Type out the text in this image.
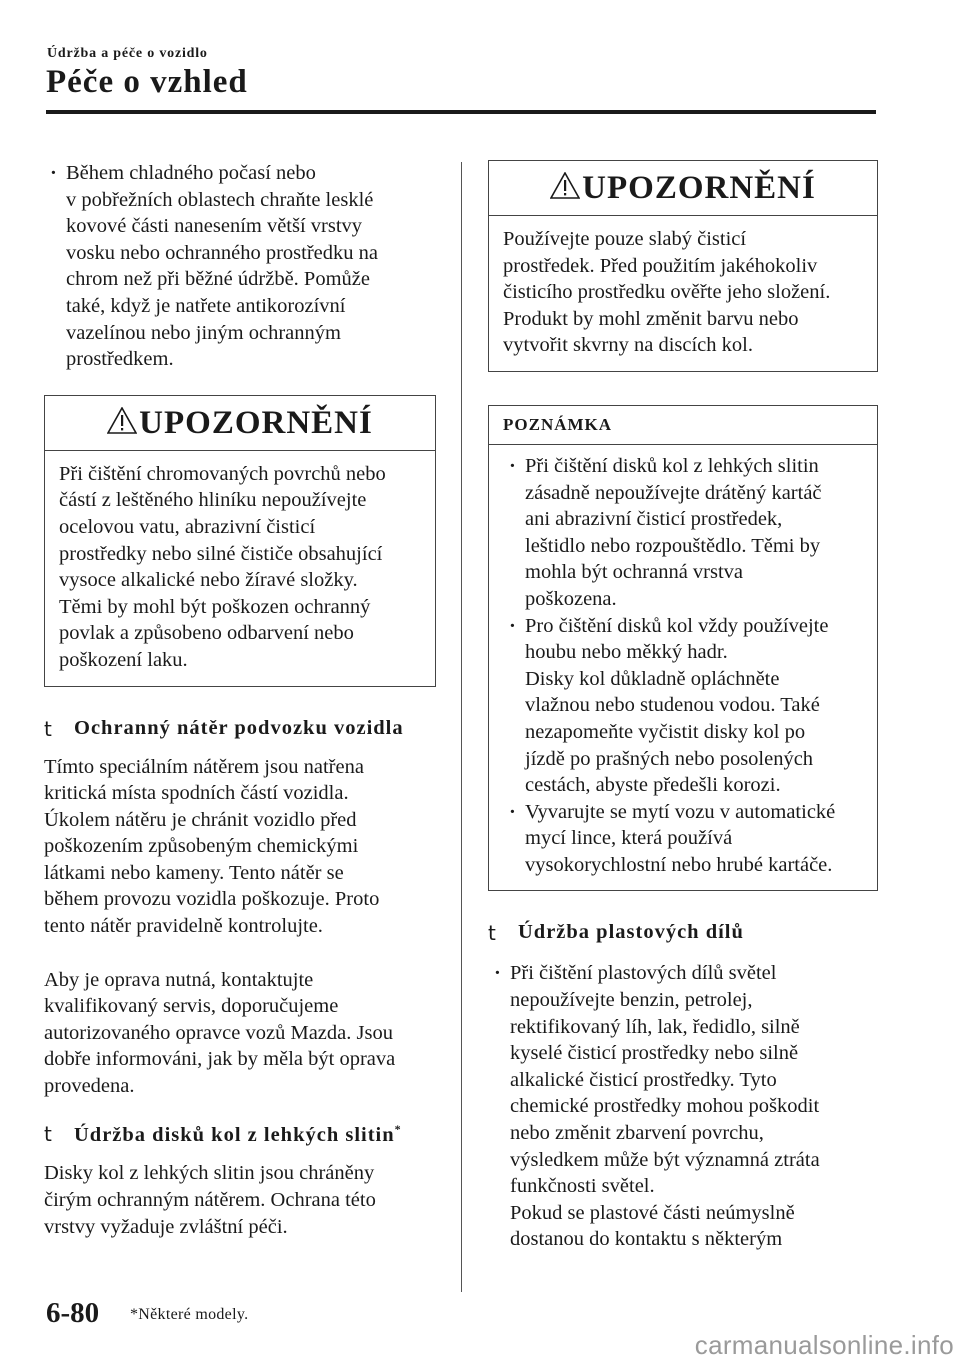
Údržba a péče o vozidlo
Péče o vzhled
· Během chladného počasí nebo
v pobřežních oblastech chraňte lesklé
kovové části nanesením větší vrstvy
vosku nebo ochranného prostředku na
chrom než při běžné údržbě. Pomůže
také, když je natřete antikorozívní
vazelínou nebo jiným ochranným
prostředkem.
UPOZORNĚNÍ
Při čištění chromovaných povrchů nebo
částí z leštěného hliníku nepoužívejte
ocelovou vatu, abrazivní čisticí
prostředky nebo silné čističe obsahující
vysoce alkalické nebo žíravé složky.
Těmi by mohl být poškozen ochranný
povlak a způsobeno odbarvení nebo
poškození laku.
t Ochranný nátěr podvozku vozidla
Tímto speciálním nátěrem jsou natřena
kritická místa spodních částí vozidla.
Úkolem nátěru je chránit vozidlo před
poškozením způsobeným chemickými
látkami nebo kameny. Tento nátěr se
během provozu vozidla poškozuje. Proto
tento nátěr pravidelně kontrolujte.
Aby je oprava nutná, kontaktujte
kvalifikovaný servis, doporučujeme
autorizovaného opravce vozů Mazda. Jsou
dobře informováni, jak by měla být oprava
provedena.
t Údržba disků kol z lehkých slitin*
Disky kol z lehkých slitin jsou chráněny
čirým ochranným nátěrem. Ochrana této
vrstvy vyžaduje zvláštní péči.
UPOZORNĚNÍ
Používejte pouze slabý čisticí
prostředek. Před použitím jakéhokoliv
čisticího prostředku ověřte jeho složení.
Produkt by mohl změnit barvu nebo
vytvořit skvrny na discích kol.
POZNÁMKA
· Při čištění disků kol z lehkých slitin
zásadně nepoužívejte drátěný kartáč
ani abrazivní čisticí prostředek,
leštidlo nebo rozpouštědlo. Těmi by
mohla být ochranná vrstva
poškozena.
· Pro čištění disků kol vždy používejte
houbu nebo měkký hadr.
Disky kol důkladně opláchněte
vlažnou nebo studenou vodou. Také
nezapomeňte vyčistit disky kol po
jízdě po prašných nebo posolených
cestách, abyste předešli korozi.
· Vyvarujte se mytí vozu v automatické
mycí lince, která používá
vysokorychlostní nebo hrubé kartáče.
t Údržba plastových dílů
· Při čištění plastových dílů světel
nepoužívejte benzin, petrolej,
rektifikovaný líh, lak, ředidlo, silně
kyselé čisticí prostředky nebo silně
alkalické čisticí prostředky. Tyto
chemické prostředky mohou poškodit
nebo změnit zbarvení povrchu,
výsledkem může být významná ztráta
funkčnosti světel.
Pokud se plastové části neúmyslně
dostanou do kontaktu s některým
6-80 *Některé modely.
carmanualsonline.info
